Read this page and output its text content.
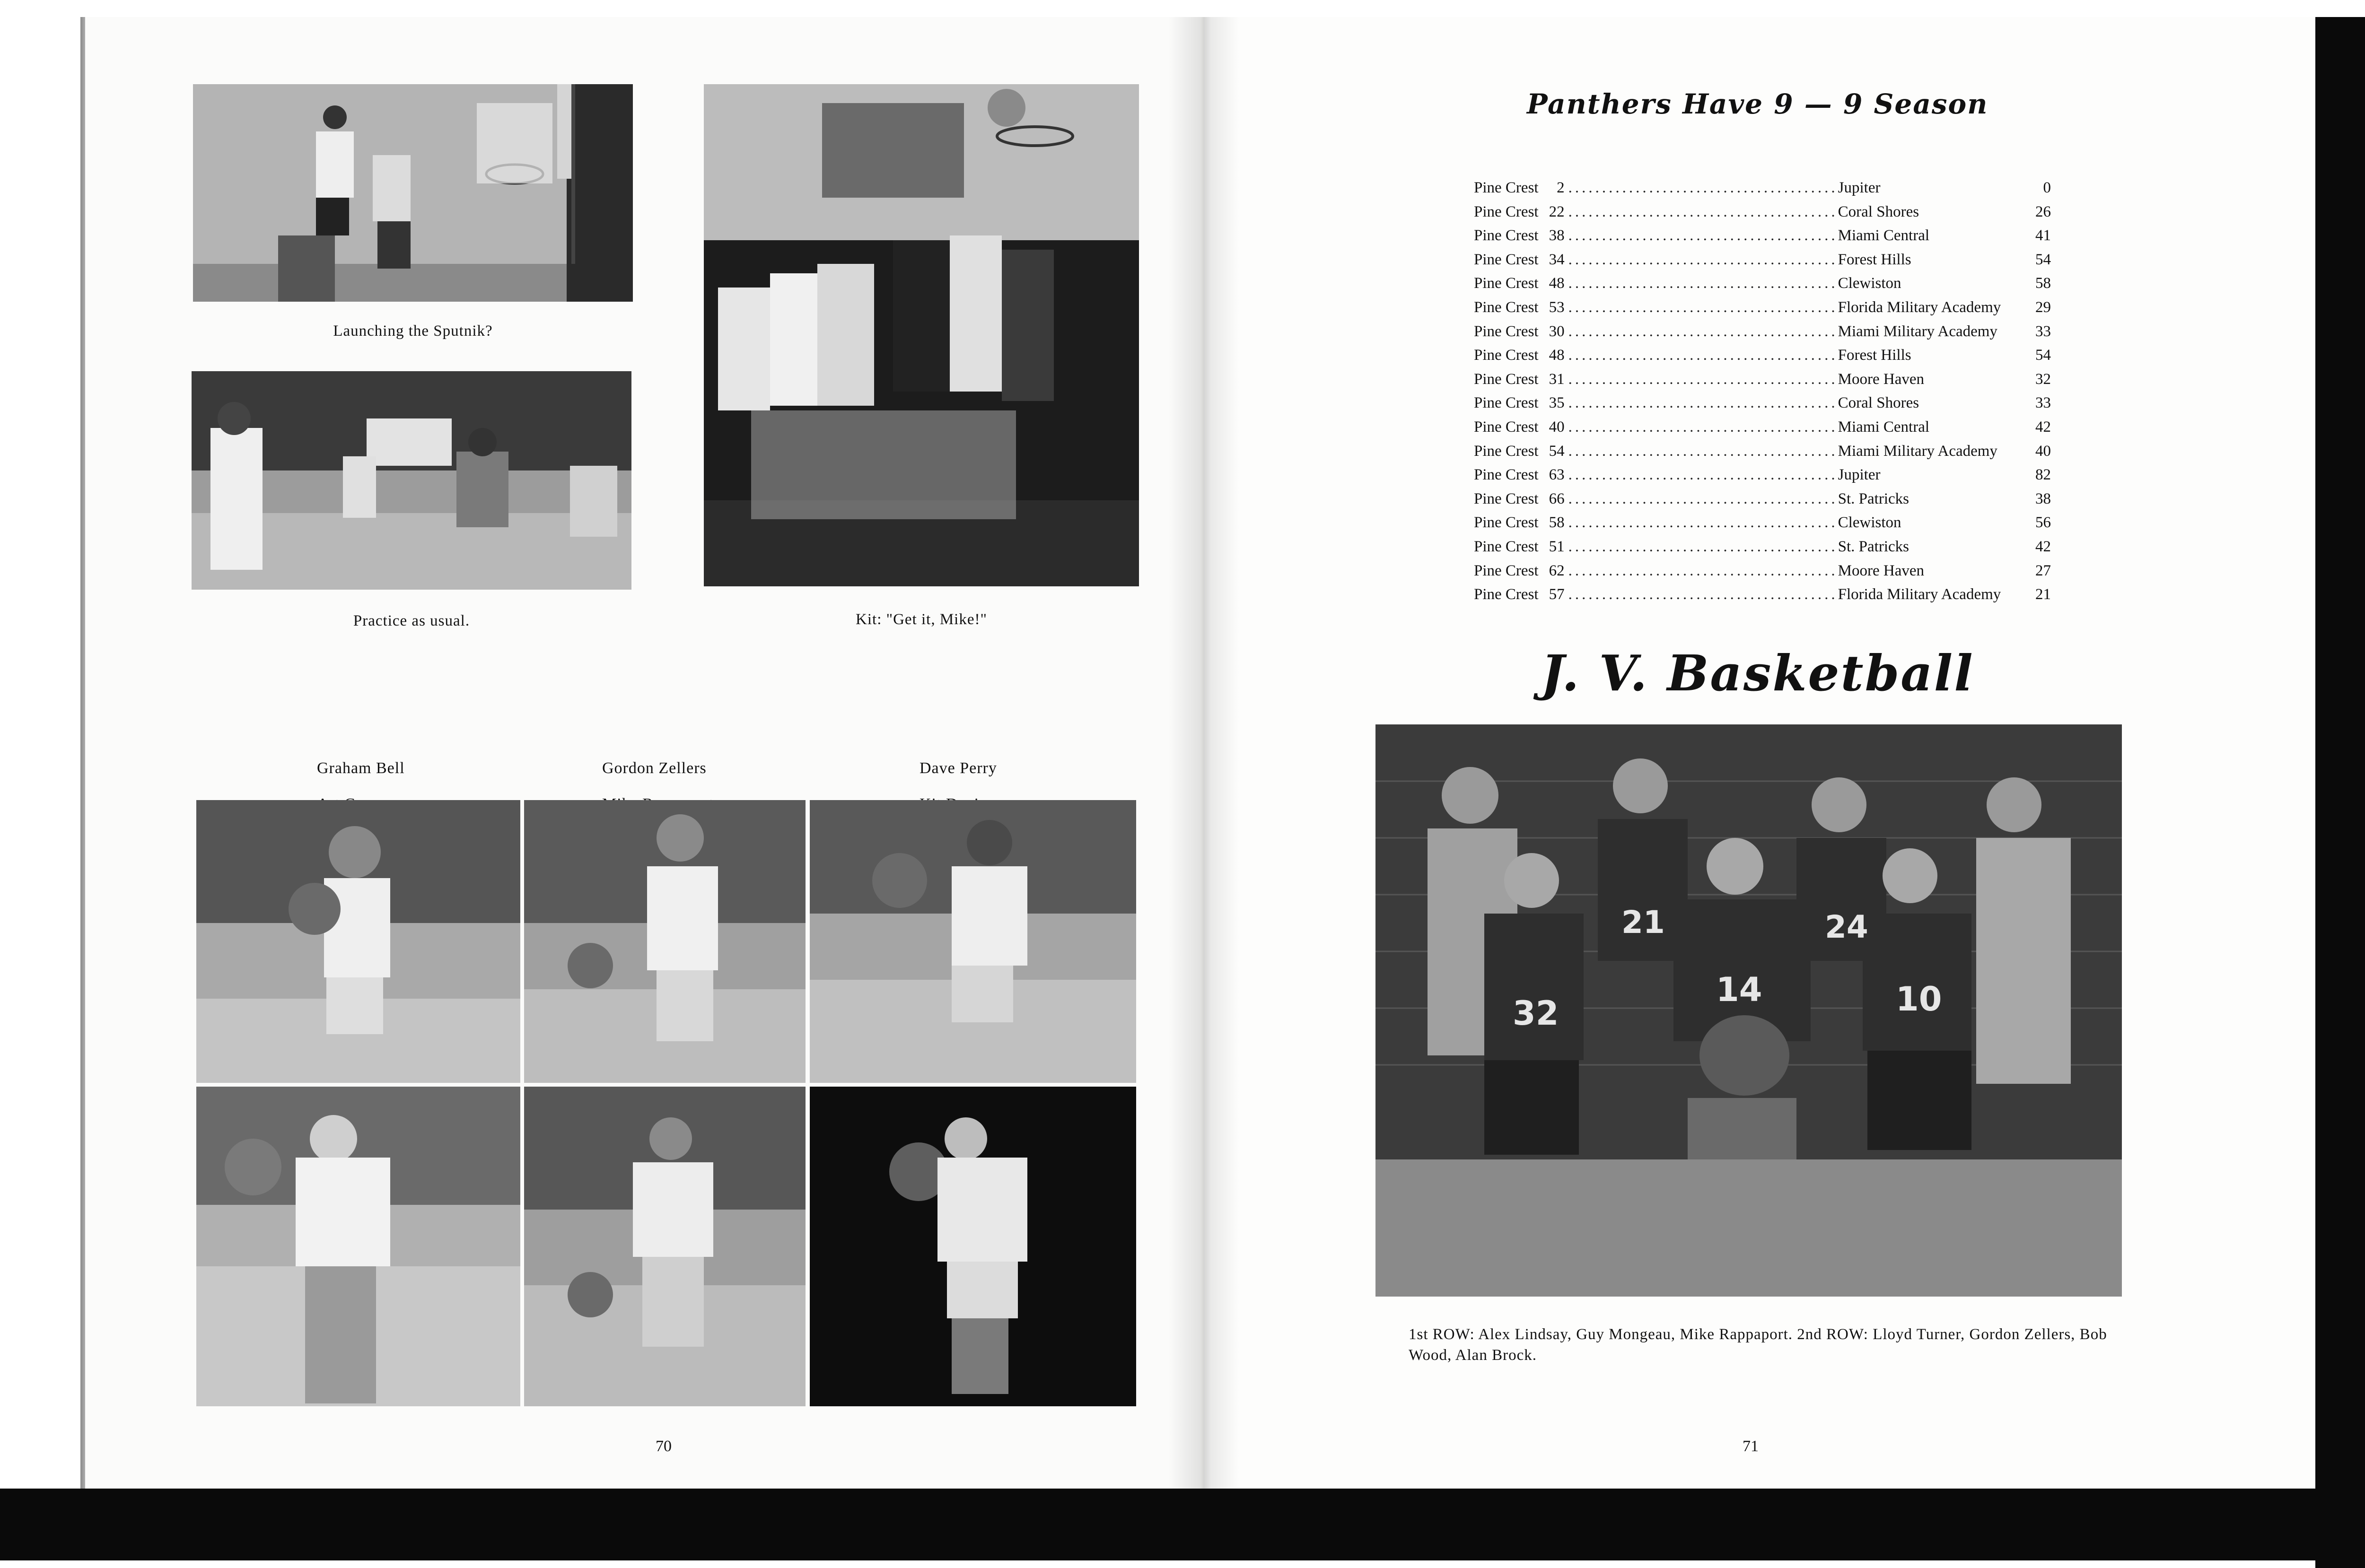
Launching the Sputnik?
Practice as usual.	Kit: "Get it, Mike!"

Graham Bell	Gordon Zellers	Dave Perry

70
Panthers Have 9 — 9 Season
Pine Crest	2	........................................	Jupiter	0
Pine Crest	22	........................................	Coral Shores	26
Pine Crest	38	........................................	Miami Central	41
Pine Crest	34	........................................	Forest Hills	54
Pine Crest	48	........................................	Clewiston	58
Pine Crest	53	........................................	Florida Military Academy	29
Pine Crest	30	........................................	Miami Military Academy	33
Pine Crest	48	........................................	Forest Hills	54
Pine Crest	31	........................................	Moore Haven	32
Pine Crest	35	........................................	Coral Shores	33
Pine Crest	40	........................................	Miami Central	42
Pine Crest	54	........................................	Miami Military Academy	40
Pine Crest	63	........................................	Jupiter	82
Pine Crest	66	........................................	St. Patricks	38
Pine Crest	58	........................................	Clewiston	56
Pine Crest	51	........................................	St. Patricks	42
Pine Crest	62	........................................	Moore Haven	27
Pine Crest	57	........................................	Florida Military Academy	21
J. V. Basketball
32
21
14
24
10
1st ROW: Alex Lindsay, Guy Mongeau, Mike Rappaport. 2nd ROW: Lloyd Turner, Gordon Zellers, Bob Wood, Alan Brock.
71
